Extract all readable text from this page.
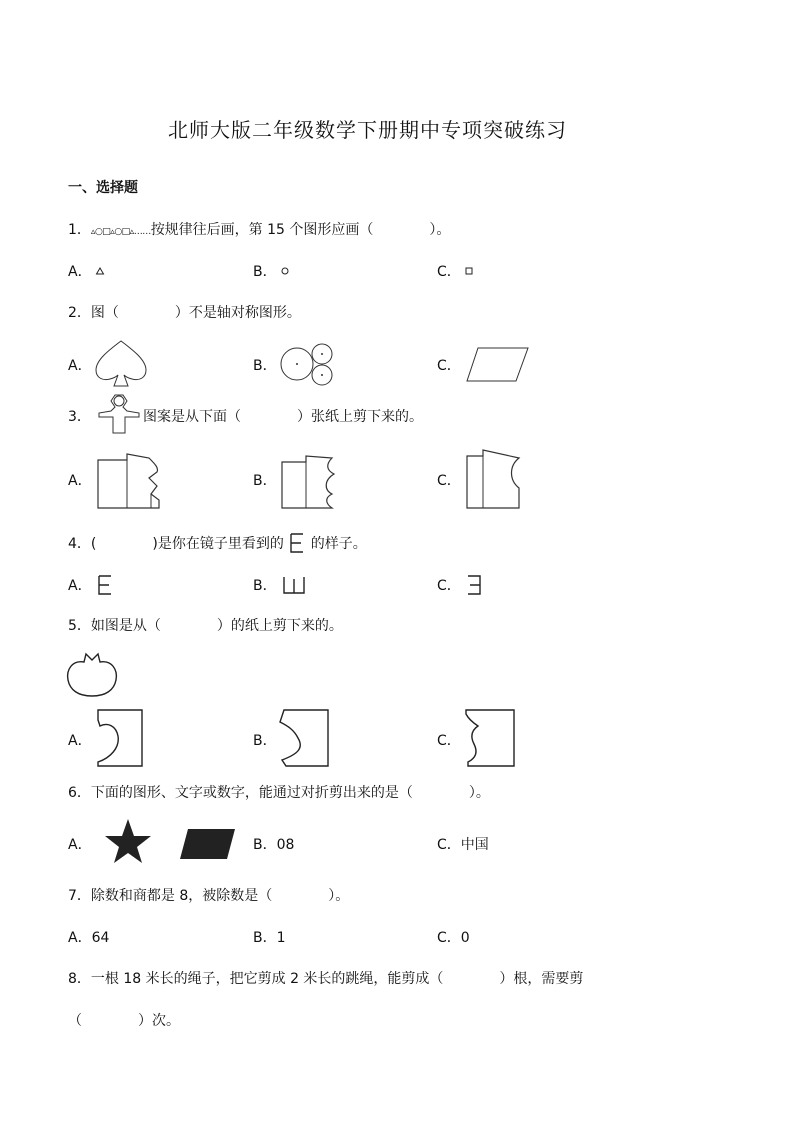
北师大版二年级数学下册期中专项突破练习
一、选择题
1．▵○□▵○□▵……按规律往后画，第 15 个图形应画（　　　　）。
A．	B．	C．
2．图（　　　　）不是轴对称图形。
A．	B．	C．
3．	图案是从下面（　　　　）张纸上剪下来的。
A．	B．	C．
4．(　　　　)是你在镜子里看到的 的样子。
A．	B．	C．
5．如图是从（　　　　）的纸上剪下来的。
A．	B．	C．
6．下面的图形、文字或数字，能通过对折剪出来的是（　　　　）。
A．	B．08	C．中国
7．除数和商都是 8，被除数是（　　　　）。
A．64	B．1	C．0
8．一根 18 米长的绳子，把它剪成 2 米长的跳绳，能剪成（　　　　）根，需要剪
（　　　　）次。
